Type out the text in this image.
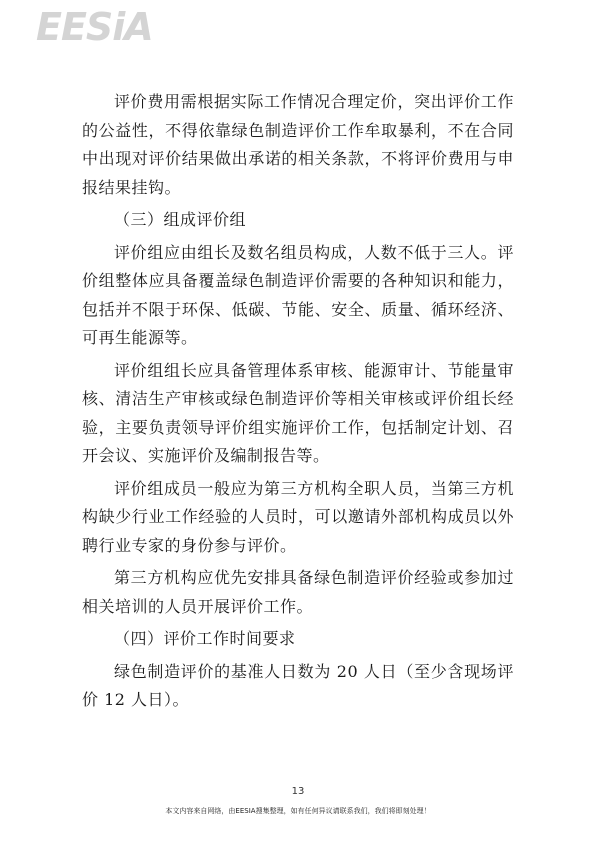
EESiA

评价费用需根据实际工作情况合理定价，突出评价工作的公益性，不得依靠绿色制造评价工作牟取暴利，不在合同中出现对评价结果做出承诺的相关条款，不将评价费用与申报结果挂钩。

（三）组成评价组

评价组应由组长及数名组员构成，人数不低于三人。评价组整体应具备覆盖绿色制造评价需要的各种知识和能力，包括并不限于环保、低碳、节能、安全、质量、循环经济、可再生能源等。

评价组组长应具备管理体系审核、能源审计、节能量审核、清洁生产审核或绿色制造评价等相关审核或评价组长经验，主要负责领导评价组实施评价工作，包括制定计划、召开会议、实施评价及编制报告等。

评价组成员一般应为第三方机构全职人员，当第三方机构缺少行业工作经验的人员时，可以邀请外部机构成员以外聘行业专家的身份参与评价。

第三方机构应优先安排具备绿色制造评价经验或参加过相关培训的人员开展评价工作。

（四）评价工作时间要求

绿色制造评价的基准人日数为 20 人日（至少含现场评价 12 人日）。

13
本文内容来自网络，由EESIA搜集整理，如有任何异议请联系我们，我们将即刻处理！
